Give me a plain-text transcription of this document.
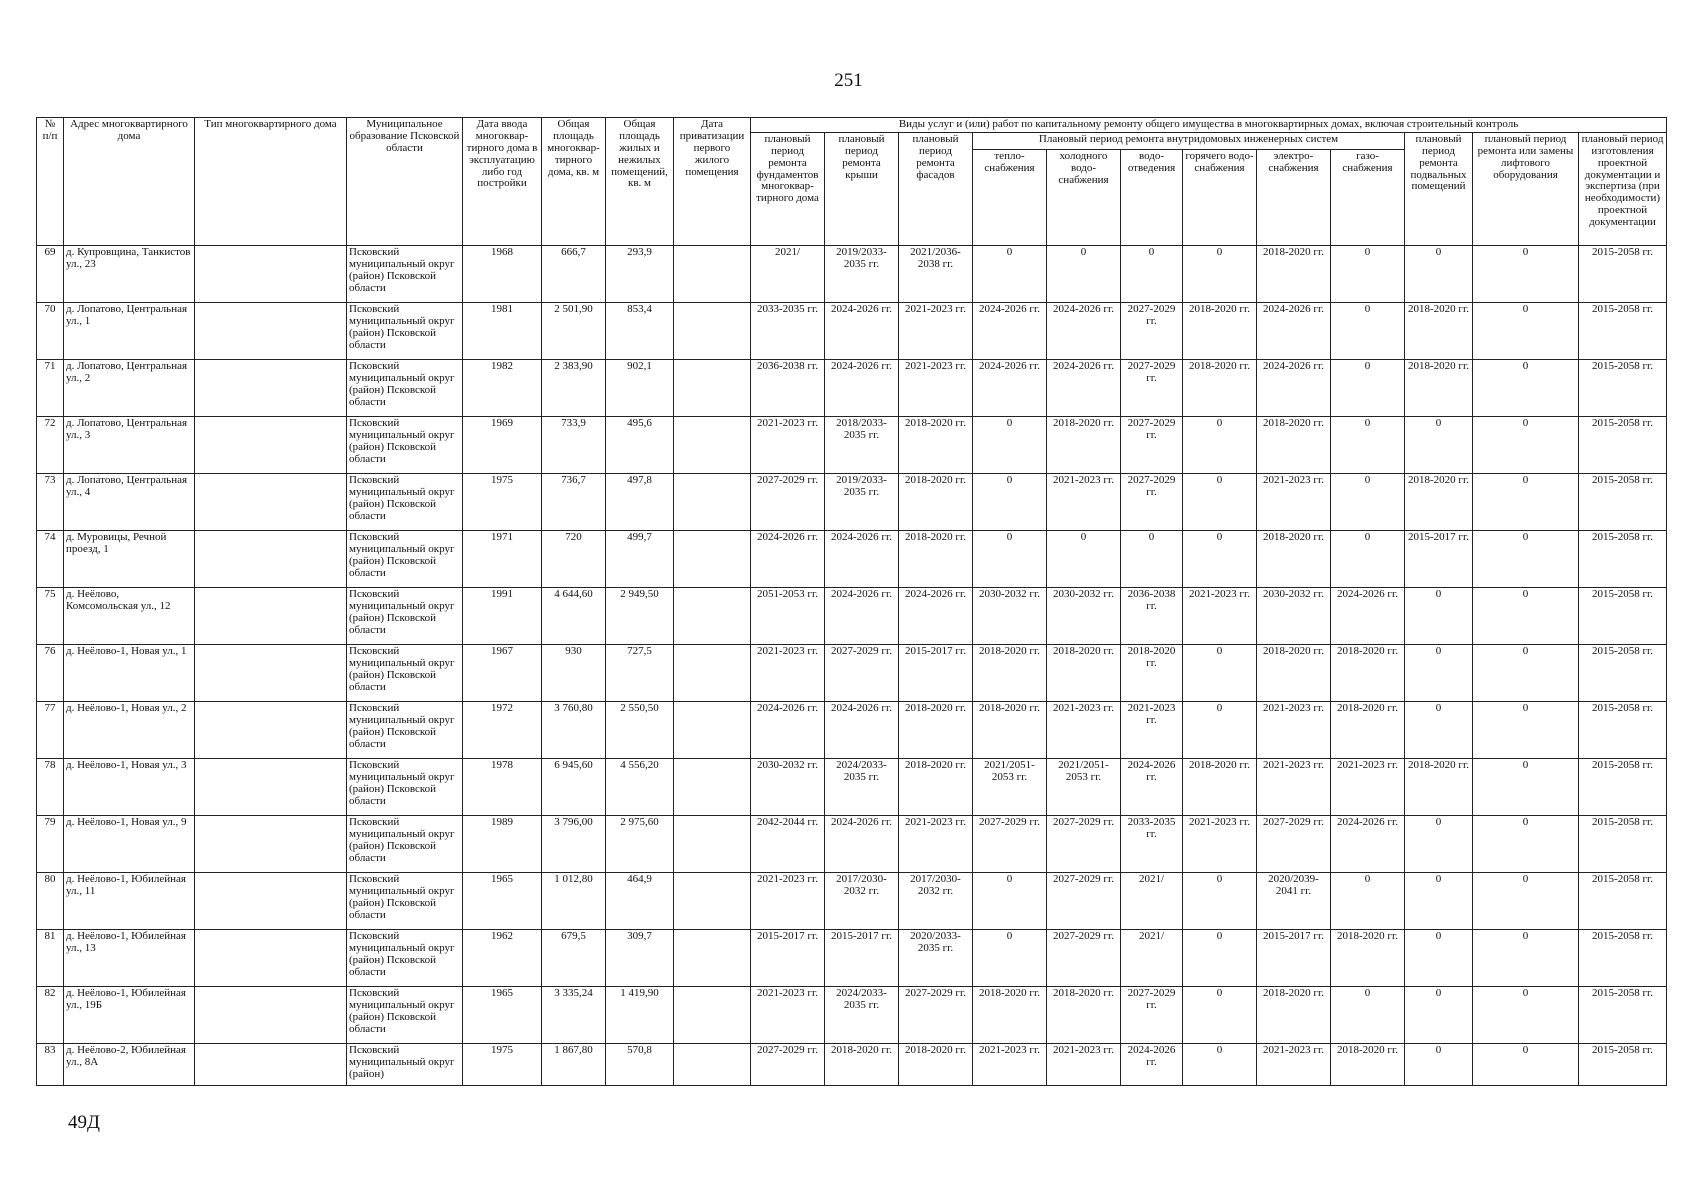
251
№ п/п	Адрес многоквартирного дома	Тип многоквартирного дома	Муниципальное образование Псковской области	Дата ввода многоквар-тирного дома в эксплуатацию либо год постройки	Общая площадь многоквар-тирного дома, кв. м	Общая площадь жилых и нежилых помещений, кв. м	Дата приватизации первого жилого помещения	Виды услуг и (или) работ по капитальному ремонту общего имущества в многоквартирных домах, включая строительный контроль											
								плановый период ремонта фундаментов многоквар-тирного дома	плановый период ремонта крыши	плановый период ремонта фасадов	Плановый период ремонта внутридомовых инженерных систем						плановый период ремонта подвальных помещений	плановый период ремонта или замены лифтового оборудования	плановый период изготовления проектной документации и экспертиза (при необходимости) проектной документации
											тепло-снабжения	холодного водо-снабжения	водо-отведения	горячего водо-снабжения	электро-снабжения	газо-снабжения			
69	д. Купровщина, Танкистов ул., 23		Псковский муниципальный округ (район) Псковской области	1968	666,7	293,9		2021/	2019/2033-2035 гг.	2021/2036-2038 гг.	0	0	0	0	2018-2020 гг.	0	0	0	2015-2058 гг.
70	д. Лопатово, Центральная ул., 1		Псковский муниципальный округ (район) Псковской области	1981	2 501,90	853,4		2033-2035 гг.	2024-2026 гг.	2021-2023 гг.	2024-2026 гг.	2024-2026 гг.	2027-2029 гг.	2018-2020 гг.	2024-2026 гг.	0	2018-2020 гг.	0	2015-2058 гг.
71	д. Лопатово, Центральная ул., 2		Псковский муниципальный округ (район) Псковской области	1982	2 383,90	902,1		2036-2038 гг.	2024-2026 гг.	2021-2023 гг.	2024-2026 гг.	2024-2026 гг.	2027-2029 гг.	2018-2020 гг.	2024-2026 гг.	0	2018-2020 гг.	0	2015-2058 гг.
72	д. Лопатово, Центральная ул., 3		Псковский муниципальный округ (район) Псковской области	1969	733,9	495,6		2021-2023 гг.	2018/2033-2035 гг.	2018-2020 гг.	0	2018-2020 гг.	2027-2029 гг.	0	2018-2020 гг.	0	0	0	2015-2058 гг.
73	д. Лопатово, Центральная ул., 4		Псковский муниципальный округ (район) Псковской области	1975	736,7	497,8		2027-2029 гг.	2019/2033-2035 гг.	2018-2020 гг.	0	2021-2023 гг.	2027-2029 гг.	0	2021-2023 гг.	0	2018-2020 гг.	0	2015-2058 гг.
74	д. Муровицы, Речной проезд, 1		Псковский муниципальный округ (район) Псковской области	1971	720	499,7		2024-2026 гг.	2024-2026 гг.	2018-2020 гг.	0	0	0	0	2018-2020 гг.	0	2015-2017 гг.	0	2015-2058 гг.
75	д. Неёлово, Комсомольская ул., 12		Псковский муниципальный округ (район) Псковской области	1991	4 644,60	2 949,50		2051-2053 гг.	2024-2026 гг.	2024-2026 гг.	2030-2032 гг.	2030-2032 гг.	2036-2038 гг.	2021-2023 гг.	2030-2032 гг.	2024-2026 гг.	0	0	2015-2058 гг.
76	д. Неёлово-1, Новая ул., 1		Псковский муниципальный округ (район) Псковской области	1967	930	727,5		2021-2023 гг.	2027-2029 гг.	2015-2017 гг.	2018-2020 гг.	2018-2020 гг.	2018-2020 гг.	0	2018-2020 гг.	2018-2020 гг.	0	0	2015-2058 гг.
77	д. Неёлово-1, Новая ул., 2		Псковский муниципальный округ (район) Псковской области	1972	3 760,80	2 550,50		2024-2026 гг.	2024-2026 гг.	2018-2020 гг.	2018-2020 гг.	2021-2023 гг.	2021-2023 гг.	0	2021-2023 гг.	2018-2020 гг.	0	0	2015-2058 гг.
78	д. Неёлово-1, Новая ул., 3		Псковский муниципальный округ (район) Псковской области	1978	6 945,60	4 556,20		2030-2032 гг.	2024/2033-2035 гг.	2018-2020 гг.	2021/2051-2053 гг.	2021/2051-2053 гг.	2024-2026 гг.	2018-2020 гг.	2021-2023 гг.	2021-2023 гг.	2018-2020 гг.	0	2015-2058 гг.
79	д. Неёлово-1, Новая ул., 9		Псковский муниципальный округ (район) Псковской области	1989	3 796,00	2 975,60		2042-2044 гг.	2024-2026 гг.	2021-2023 гг.	2027-2029 гг.	2027-2029 гг.	2033-2035 гг.	2021-2023 гг.	2027-2029 гг.	2024-2026 гг.	0	0	2015-2058 гг.
80	д. Неёлово-1, Юбилейная ул., 11		Псковский муниципальный округ (район) Псковской области	1965	1 012,80	464,9		2021-2023 гг.	2017/2030-2032 гг.	2017/2030-2032 гг.	0	2027-2029 гг.	2021/	0	2020/2039-2041 гг.	0	0	0	2015-2058 гг.
81	д. Неёлово-1, Юбилейная ул., 13		Псковский муниципальный округ (район) Псковской области	1962	679,5	309,7		2015-2017 гг.	2015-2017 гг.	2020/2033-2035 гг.	0	2027-2029 гг.	2021/	0	2015-2017 гг.	2018-2020 гг.	0	0	2015-2058 гг.
82	д. Неёлово-1, Юбилейная ул., 19Б		Псковский муниципальный округ (район) Псковской области	1965	3 335,24	1 419,90		2021-2023 гг.	2024/2033-2035 гг.	2027-2029 гг.	2018-2020 гг.	2018-2020 гг.	2027-2029 гг.	0	2018-2020 гг.	0	0	0	2015-2058 гг.
83	д. Неёлово-2, Юбилейная ул., 8А		Псковский муниципальный округ (район)	1975	1 867,80	570,8		2027-2029 гг.	2018-2020 гг.	2018-2020 гг.	2021-2023 гг.	2021-2023 гг.	2024-2026 гг.	0	2021-2023 гг.	2018-2020 гг.	0	0	2015-2058 гг.
49Д
